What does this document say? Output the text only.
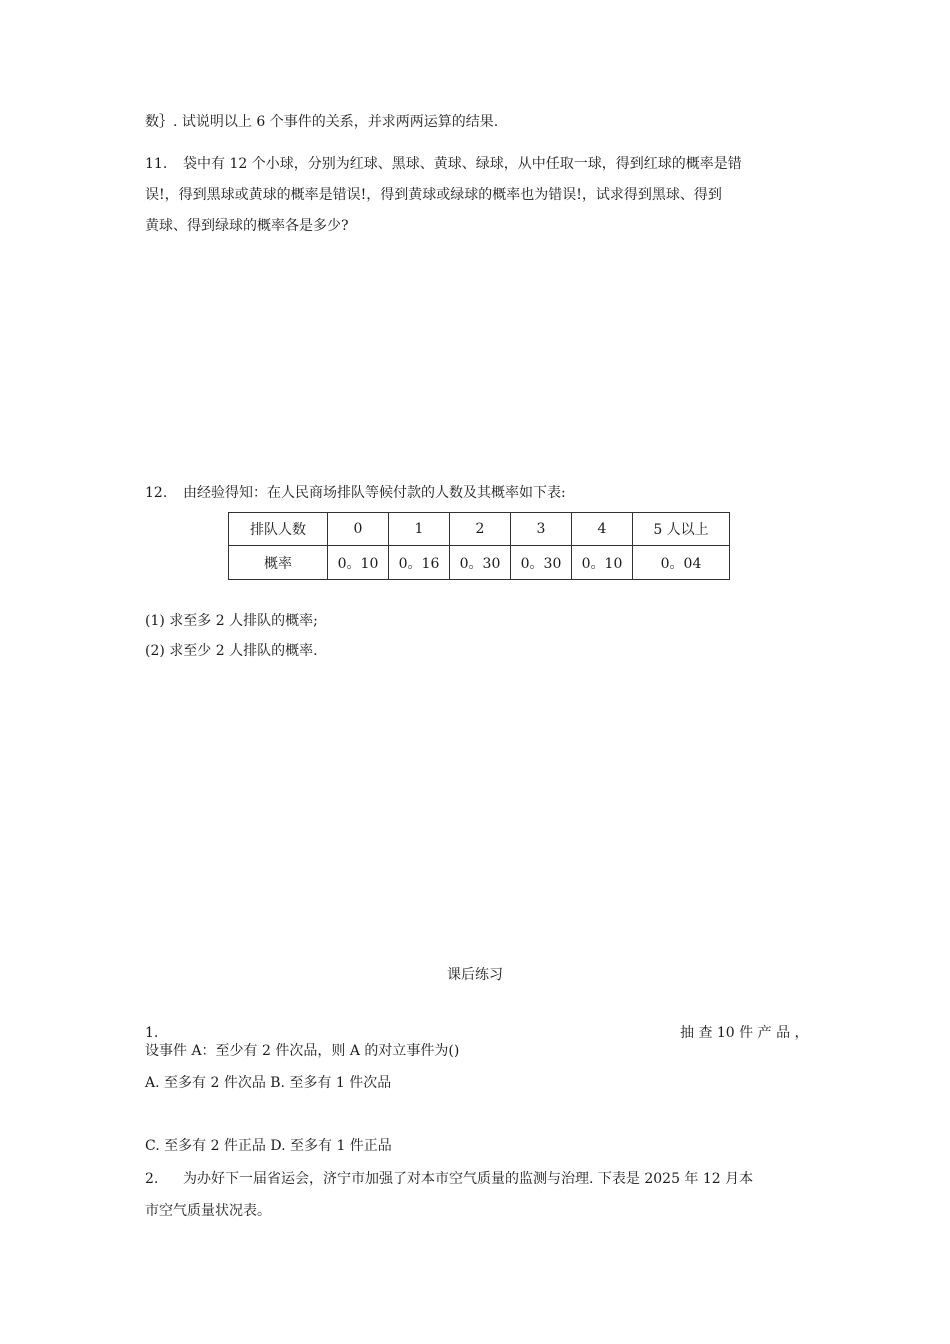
数｝. 试说明以上 6 个事件的关系，并求两两运算的结果.
11. 袋中有 12 个小球，分别为红球、黑球、黄球、绿球，从中任取一球，得到红球的概率是错
误!，得到黑球或黄球的概率是错误!，得到黄球或绿球的概率也为错误!，试求得到黑球、得到
黄球、得到绿球的概率各是多少?
12. 由经验得知：在人民商场排队等候付款的人数及其概率如下表:
排队人数	0	1	2	3	4	5 人以上
概率	0。10	0。16	0。30	0。30	0。10	0。04
(1) 求至多 2 人排队的概率;
(2) 求至少 2 人排队的概率.
课后练习
1.	抽 查 10 件 产 品 ，
设事件 A：至少有 2 件次品，则 A 的对立事件为()
A. 至多有 2 件次品 B. 至多有 1 件次品
C. 至多有 2 件正品 D. 至多有 1 件正品
2. 为办好下一届省运会，济宁市加强了对本市空气质量的监测与治理. 下表是 2025 年 12 月本
市空气质量状况表。
